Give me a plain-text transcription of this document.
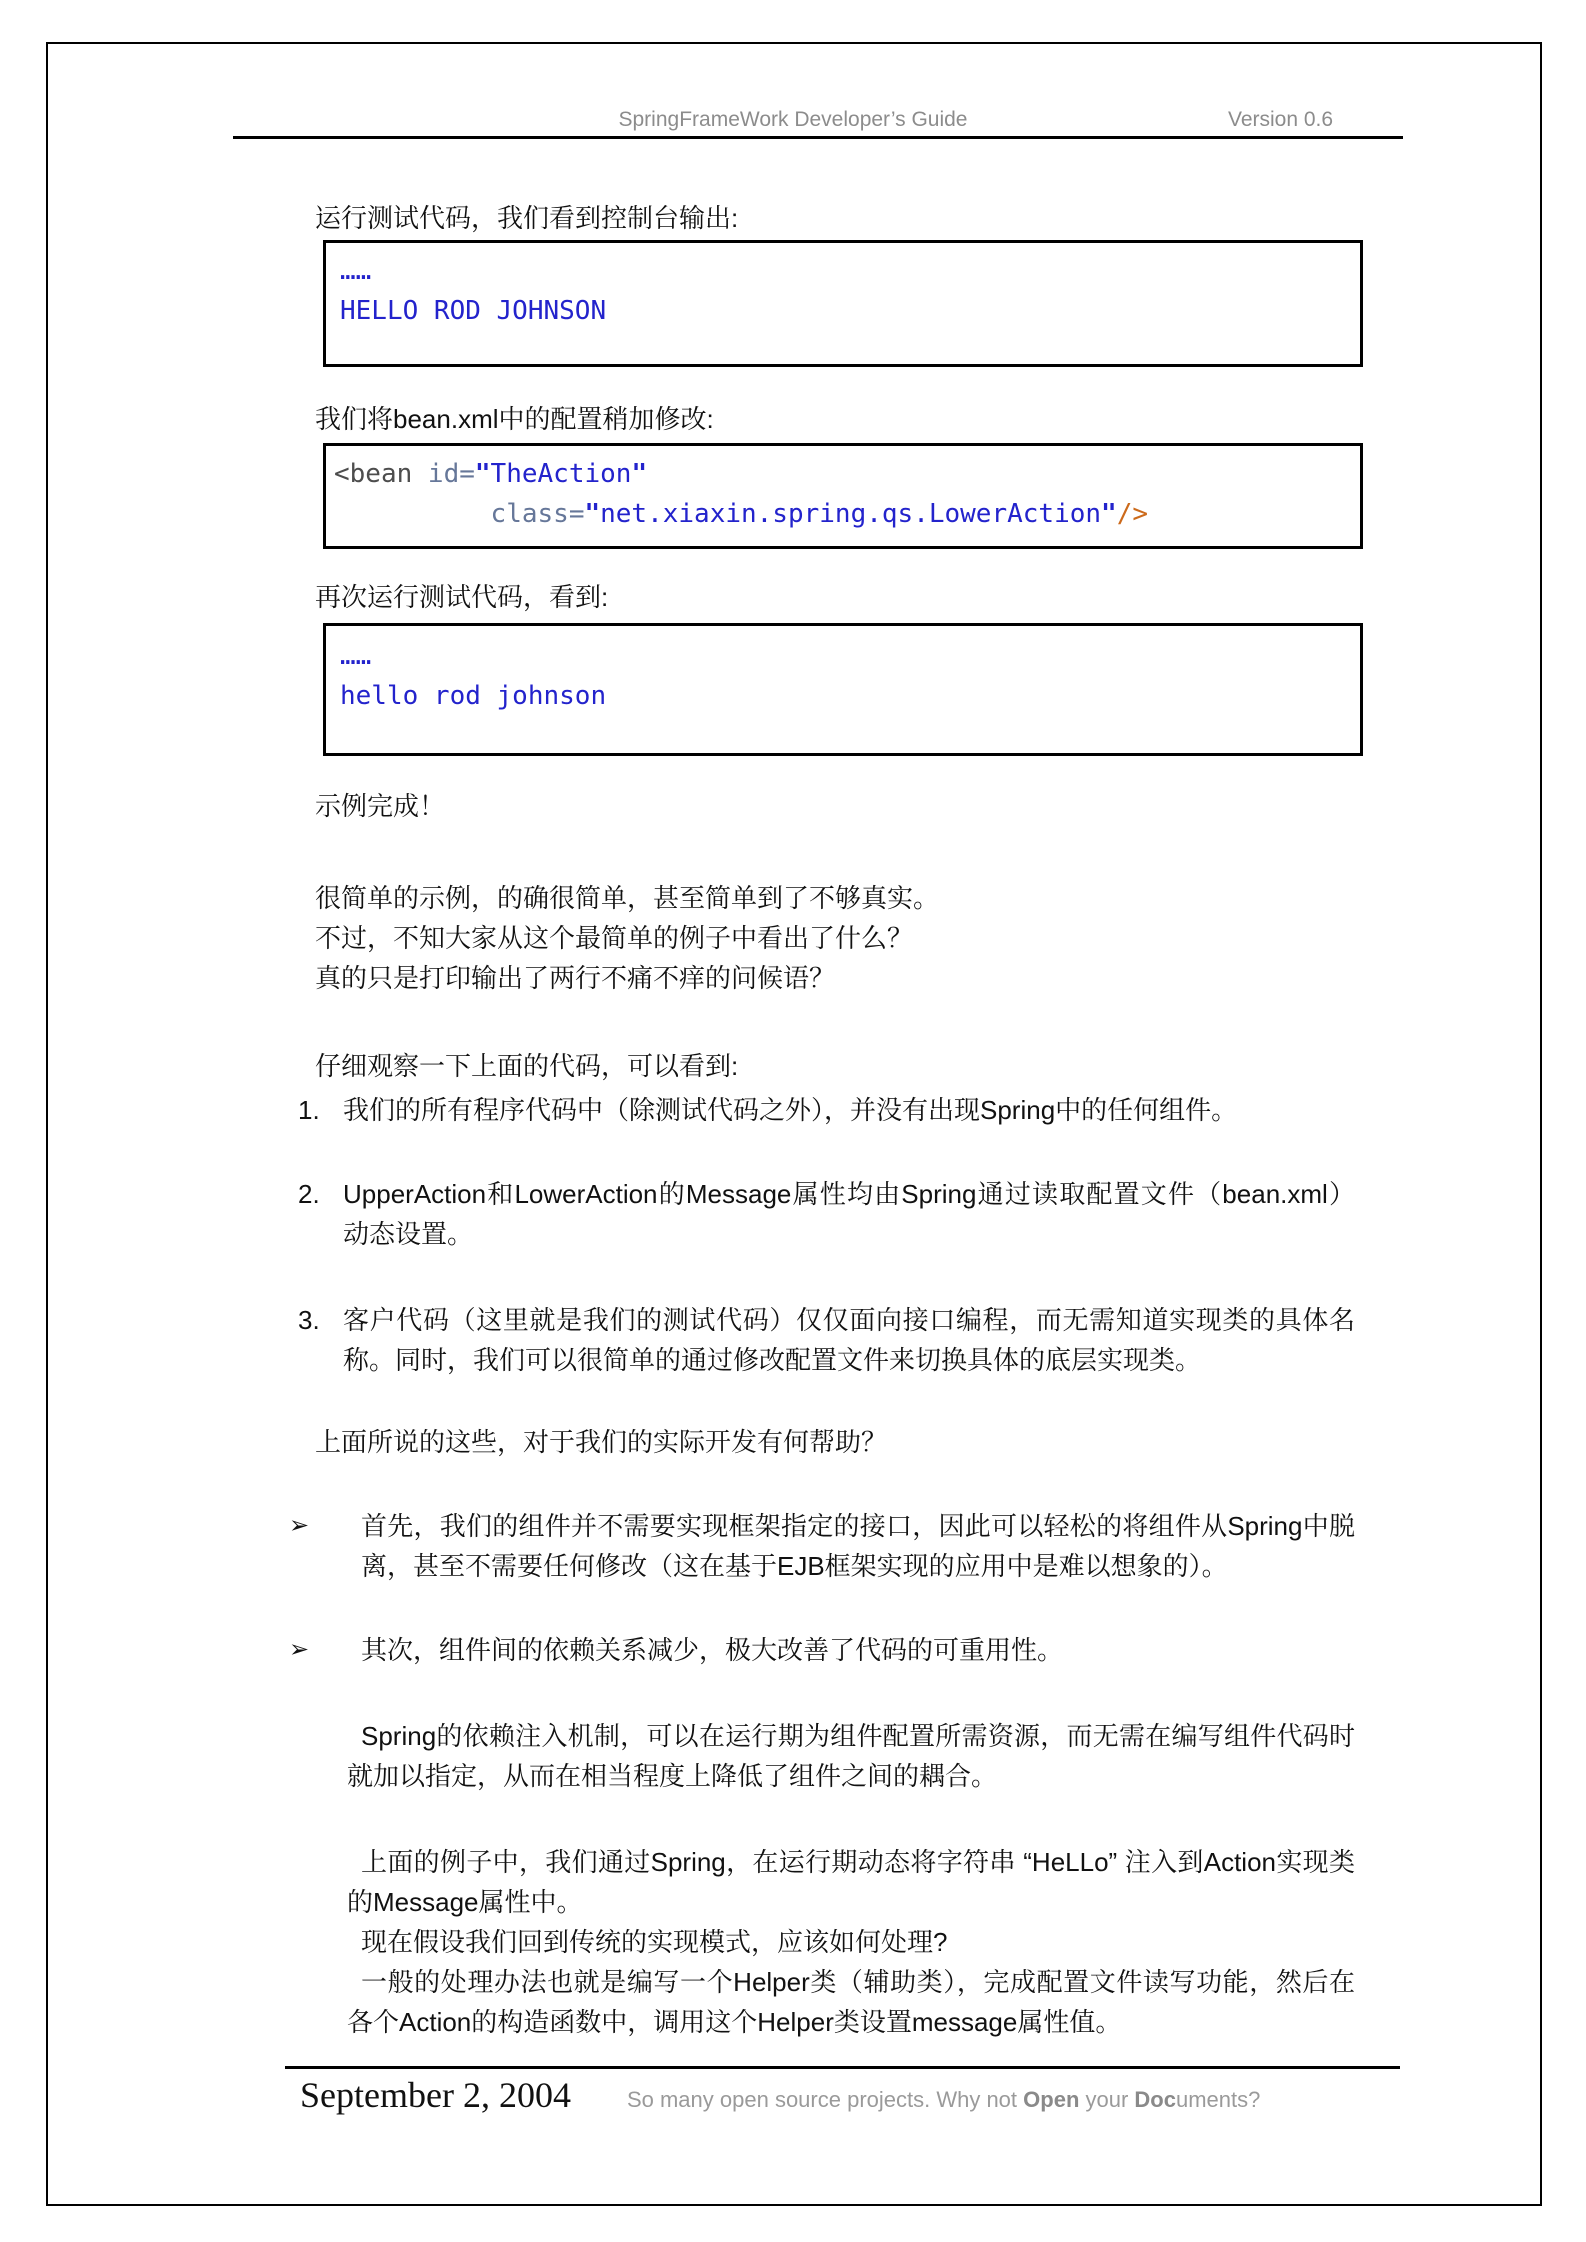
SpringFrameWork Developer’s Guide	Version 0.6

运行测试代码，我们看到控制台输出:

……
HELLO ROD JOHNSON

我们将bean.xml中的配置稍加修改:

<bean id="TheAction"
class="net.xiaxin.spring.qs.LowerAction"/>

再次运行测试代码，看到:

……
hello rod johnson

示例完成！

很简单的示例，的确很简单，甚至简单到了不够真实。

不过，不知大家从这个最简单的例子中看出了什么？

真的只是打印输出了两行不痛不痒的问候语？

仔细观察一下上面的代码，可以看到:

1. 我们的所有程序代码中（除测试代码之外），并没有出现Spring中的任何组件。
2. UpperAction和LowerAction的Message属性均由Spring通过读取配置文件（bean.xml）动态设置。
3. 客户代码（这里就是我们的测试代码）仅仅面向接口编程，而无需知道实现类的具体名称。同时，我们可以很简单的通过修改配置文件来切换具体的底层实现类。

上面所说的这些，对于我们的实际开发有何帮助？

➢	首先，我们的组件并不需要实现框架指定的接口，因此可以轻松的将组件从Spring中脱离，甚至不需要任何修改（这在基于EJB框架实现的应用中是难以想象的）。
➢	其次，组件间的依赖关系减少，极大改善了代码的可重用性。

Spring的依赖注入机制，可以在运行期为组件配置所需资源，而无需在编写组件代码时就加以指定，从而在相当程度上降低了组件之间的耦合。

上面的例子中，我们通过Spring，在运行期动态将字符串 “HeLLo” 注入到Action实现类的Message属性中。

现在假设我们回到传统的实现模式，应该如何处理?

一般的处理办法也就是编写一个Helper类（辅助类），完成配置文件读写功能，然后在各个Action的构造函数中，调用这个Helper类设置message属性值。

September 2, 2004	So many open source projects. Why not Open your Documents?
